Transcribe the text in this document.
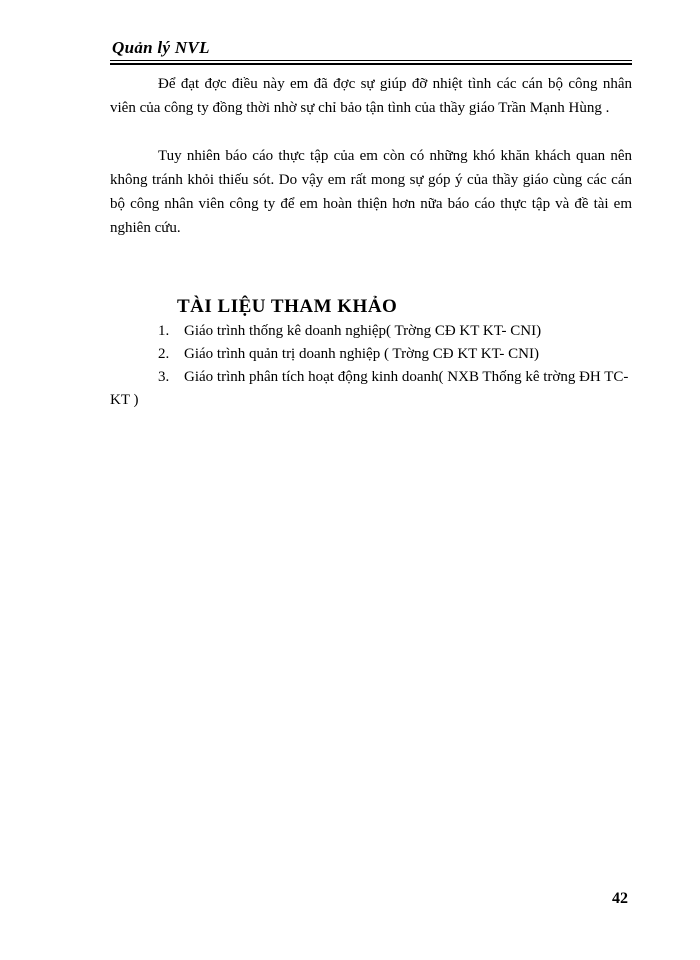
Quản lý NVL

Để đạt đợc điều này em đã đợc sự giúp đỡ nhiệt tình các cán bộ công nhân viên của công ty đồng thời nhờ sự chỉ bảo tận tình của thầy giáo Trần Mạnh Hùng .

Tuy nhiên báo cáo thực tập của em còn có những khó khăn khách quan nên không tránh khỏi thiếu sót. Do vậy em rất mong sự góp ý của thầy giáo cùng các cán bộ công nhân viên công ty để em hoàn thiện hơn nữa báo cáo thực tập và đề tài em nghiên cứu.

TÀI LIỆU THAM KHẢO
1. Giáo trình thống kê doanh nghiệp( Trờng CĐ KT KT- CNI)
2. Giáo trình quản trị doanh nghiệp ( Trờng CĐ KT KT- CNI)
3. Giáo trình phân tích hoạt động kinh doanh( NXB Thống kê trờng ĐH TC- KT )
42
